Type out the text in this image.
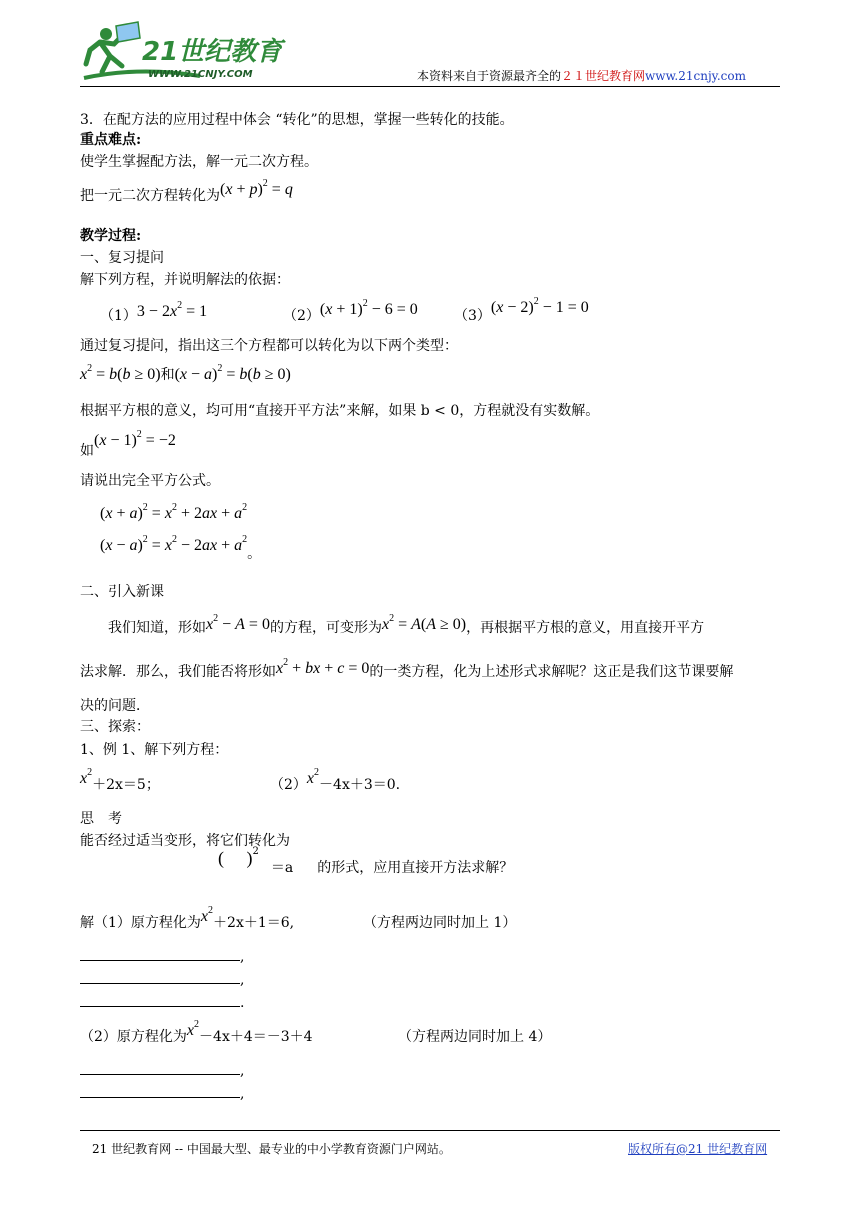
21世纪教育
WWW.21CNJY.COM	本资料来自于资源最齐全的２１世纪教育网www.21cnjy.com
3．在配方法的应用过程中体会 “转化”的思想，掌握一些转化的技能。
重点难点:
使学生掌握配方法，解一元二次方程。
把一元二次方程转化为$(x + p)^2 = q$
教学过程:
一、复习提问
解下列方程，并说明解法的依据：
$(1)3 - 2x^2 = 1$	$(2)(x + 1)^2 - 6 = 0$	$(3)(x - 2)^2 - 1 = 0$
通过复习提问，指出这三个方程都可以转化为以下两个类型：
$x^2 = b(b \ge 0)$和$(x - a)^2 = b(b \ge 0)$
根据平方根的意义，均可用“直接开平方法”来解，如果 b < 0，方程就没有实数解。
如$(x - 1)^2 = -2$
请说出完全平方公式。
$(x + a)^2 = x^2 + 2ax + a^2$
$(x - a)^2 = x^2 - 2ax + a^2$。
二、引入新课
我们知道，形如$x^2 - A = 0$的方程，可变形为$x^2 = A(A \ge 0)$，再根据平方根的意义，用直接开平方
法求解．那么，我们能否将形如$x^2$ + bx + c = 0的一类方程，化为上述形式求解呢？这正是我们这节课要解
决的问题．
三、探索：
1、例 1、解下列方程：
$x^2+2x=5$；	$(2)x^2-4x+3=0$.
思　考
能否经过适当变形，将它们转化为
(     )$^2$＝a 的形式，应用直接开方法求解？
解（1）原方程化为$x^2+2x+1=6$,	（方程两边同时加上 1）
,
,
.
（2）原方程化为$x^2-4x+4=-3+4$	（方程两边同时加上 4）
,
,
21 世纪教育网 -- 中国最大型、最专业的中小学教育资源门户网站。	版权所有@21 世纪教育网
